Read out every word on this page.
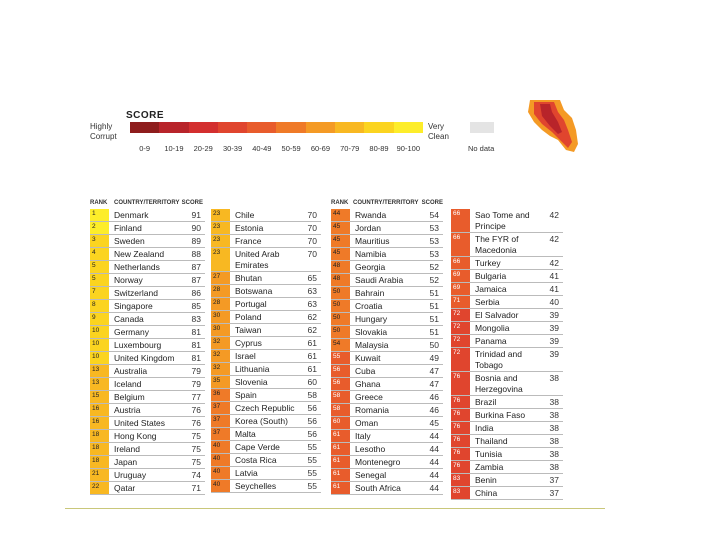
SCORE
Highly
Corrupt
0-9	10-19	20-29	30-39	40-49	50-59	60-69	70-79	80-89	90-100
Very
Clean
No data
RANK COUNTRY/TERRITORY SCORE	RANK COUNTRY/TERRITORY SCORE
1	Denmark	91
2	Finland	90
3	Sweden	89
4	New Zealand	88
5	Netherlands	87
5	Norway	87
7	Switzerland	86
8	Singapore	85
9	Canada	83
10	Germany	81
10	Luxembourg	81
10	United Kingdom	81
13	Australia	79
13	Iceland	79
15	Belgium	77
16	Austria	76
16	United States	76
18	Hong Kong	75
18	Ireland	75
18	Japan	75
21	Uruguay	74
22	Qatar	71
23	Chile	70
23	Estonia	70
23	France	70
23	United Arab Emirates
70
27	Bhutan	65
28	Botswana	63
28	Portugal	63
30	Poland	62
30	Taiwan	62
32	Cyprus	61
32	Israel	61
32	Lithuania	61
35	Slovenia	60
36	Spain	58
37	Czech Republic	56
37	Korea (South)	56
37	Malta	56
40	Cape Verde	55
40	Costa Rica	55
40	Latvia	55
40	Seychelles	55
44	Rwanda	54
45	Jordan	53
45	Mauritius	53
45	Namibia	53
48	Georgia	52
48	Saudi Arabia	52
50	Bahrain	51
50	Croatia	51
50	Hungary	51
50	Slovakia	51
54	Malaysia	50
55	Kuwait	49
56	Cuba	47
56	Ghana	47
58	Greece	46
58	Romania	46
60	Oman	45
61	Italy	44
61	Lesotho	44
61	Montenegro	44
61	Senegal	44
61	South Africa	44
66	Sao Tome and Principe
42
66	The FYR of Macedonia
42
66	Turkey	42
69	Bulgaria	41
69	Jamaica	41
71	Serbia	40
72	El Salvador	39
72	Mongolia	39
72	Panama	39
72	Trinidad and Tobago
39
76	Bosnia and Herzegovina
38
76	Brazil	38
76	Burkina Faso	38
76	India	38
76	Thailand	38
76	Tunisia	38
76	Zambia	38
83	Benin	37
83	China	37
